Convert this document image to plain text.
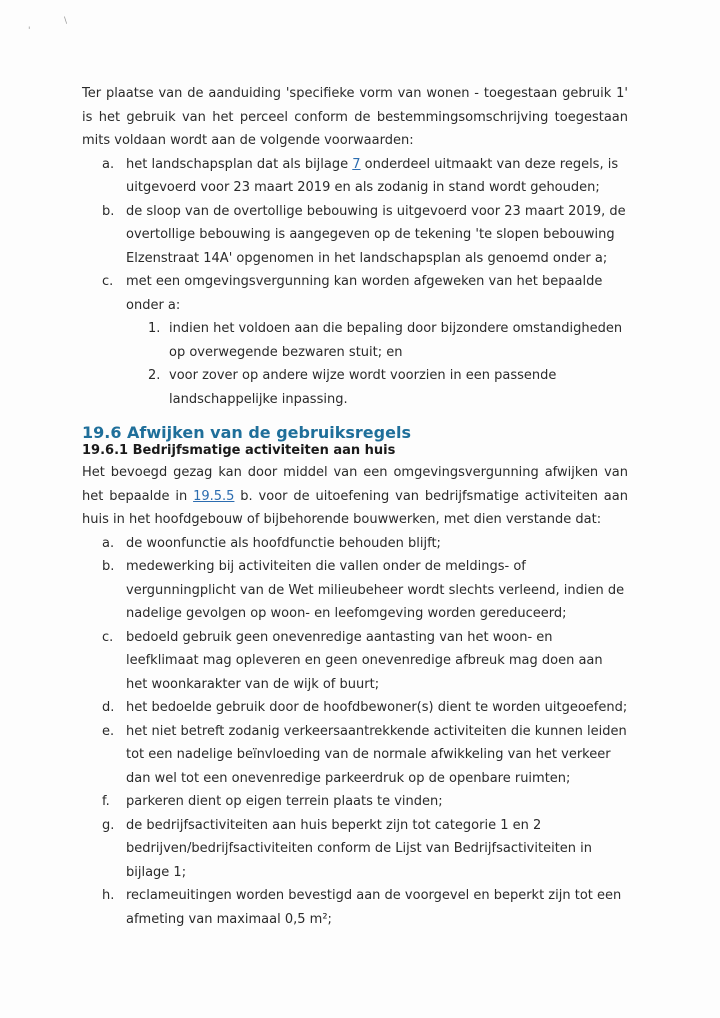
\
'

Ter plaatse van de aanduiding 'specifieke vorm van wonen - toegestaan gebruik 1' is het gebruik van het perceel conform de bestemmingsomschrijving toegestaan mits voldaan wordt aan de volgende voorwaarden:

a. het landschapsplan dat als bijlage 7 onderdeel uitmaakt van deze regels, is uitgevoerd voor 23 maart 2019 en als zodanig in stand wordt gehouden;
b. de sloop van de overtollige bebouwing is uitgevoerd voor 23 maart 2019, de overtollige bebouwing is aangegeven op de tekening 'te slopen bebouwing Elzenstraat 14A' opgenomen in het landschapsplan als genoemd onder a;
c. met een omgevingsvergunning kan worden afgeweken van het bepaalde onder a:
1. indien het voldoen aan die bepaling door bijzondere omstandigheden op overwegende bezwaren stuit; en
2. voor zover op andere wijze wordt voorzien in een passende landschappelijke inpassing.
19.6 Afwijken van de gebruiksregels
19.6.1 Bedrijfsmatige activiteiten aan huis

Het bevoegd gezag kan door middel van een omgevingsvergunning afwijken van het bepaalde in 19.5.5 b. voor de uitoefening van bedrijfsmatige activiteiten aan huis in het hoofdgebouw of bijbehorende bouwwerken, met dien verstande dat:

a. de woonfunctie als hoofdfunctie behouden blijft;
b. medewerking bij activiteiten die vallen onder de meldings- of vergunningplicht van de Wet milieubeheer wordt slechts verleend, indien de nadelige gevolgen op woon- en leefomgeving worden gereduceerd;
c. bedoeld gebruik geen onevenredige aantasting van het woon- en leefklimaat mag opleveren en geen onevenredige afbreuk mag doen aan het woonkarakter van de wijk of buurt;
d. het bedoelde gebruik door de hoofdbewoner(s) dient te worden uitgeoefend;
e. het niet betreft zodanig verkeersaantrekkende activiteiten die kunnen leiden tot een nadelige beïnvloeding van de normale afwikkeling van het verkeer dan wel tot een onevenredige parkeerdruk op de openbare ruimten;
f. parkeren dient op eigen terrein plaats te vinden;
g. de bedrijfsactiviteiten aan huis beperkt zijn tot categorie 1 en 2 bedrijven/bedrijfsactiviteiten conform de Lijst van Bedrijfsactiviteiten in bijlage 1;
h. reclameuitingen worden bevestigd aan de voorgevel en beperkt zijn tot een afmeting van maximaal 0,5 m²;
